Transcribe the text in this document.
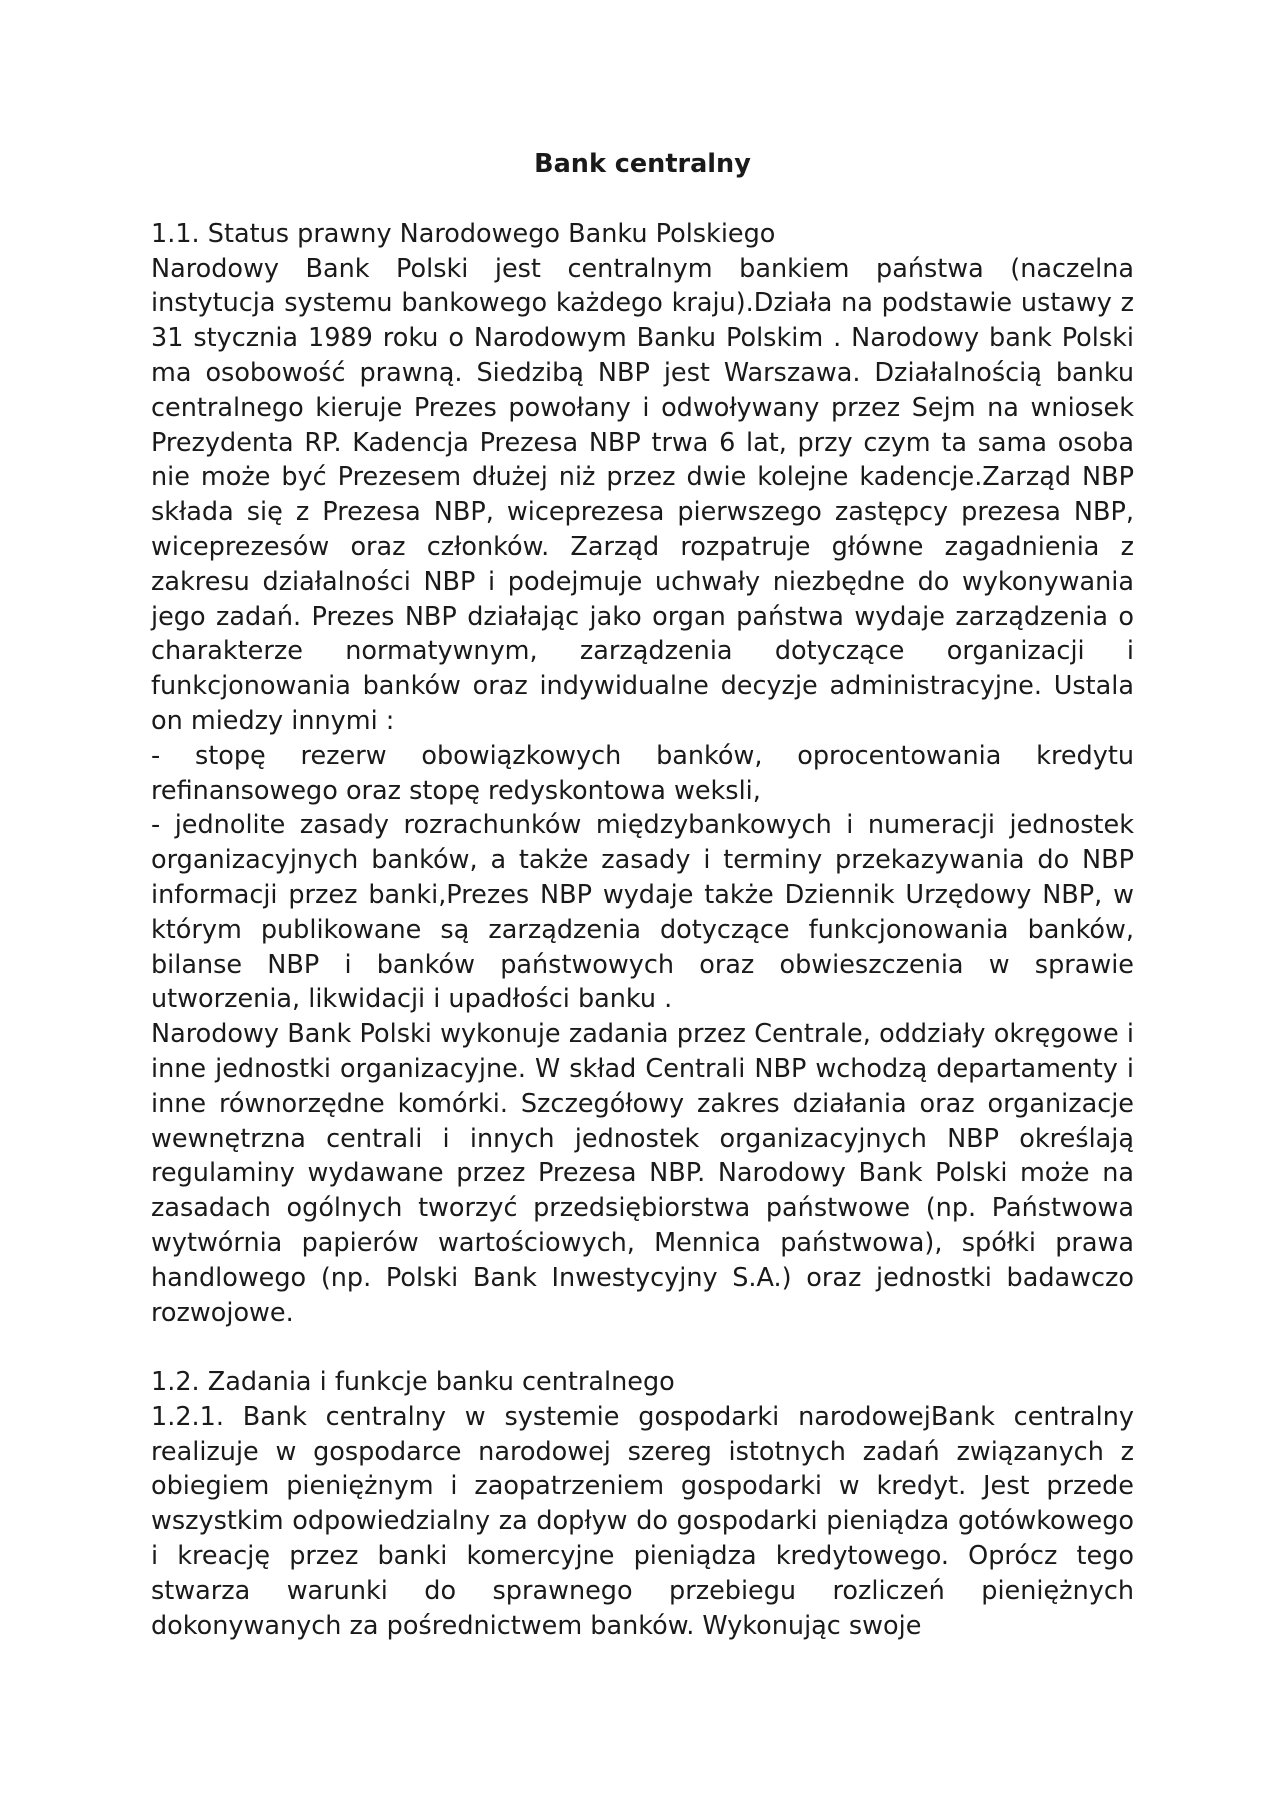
Bank centralny
1.1. Status prawny Narodowego Banku Polskiego

Narodowy Bank Polski jest centralnym bankiem państwa (naczelna instytucja systemu bankowego każdego kraju).Działa na podstawie ustawy z 31 stycznia 1989 roku o Narodowym Banku Polskim . Narodowy bank Polski ma osobowość prawną. Siedzibą NBP jest Warszawa. Działalnością banku centralnego kieruje Prezes powołany i odwoływany przez Sejm na wniosek Prezydenta RP. Kadencja Prezesa NBP trwa 6 lat, przy czym ta sama osoba nie może być Prezesem dłużej niż przez dwie kolejne kadencje.Zarząd NBP składa się z Prezesa NBP, wiceprezesa pierwszego zastępcy prezesa NBP, wiceprezesów oraz członków. Zarząd rozpatruje główne zagadnienia z zakresu działalności NBP i podejmuje uchwały niezbędne do wykonywania jego zadań. Prezes NBP działając jako organ państwa wydaje zarządzenia o charakterze normatywnym, zarządzenia dotyczące organizacji i funkcjonowania banków oraz indywidualne decyzje administracyjne. Ustala on miedzy innymi :

- stopę rezerw obowiązkowych banków, oprocentowania kredytu refinansowego oraz stopę redyskontowa weksli,

- jednolite zasady rozrachunków międzybankowych i numeracji jednostek organizacyjnych banków, a także zasady i terminy przekazywania do NBP informacji przez banki,Prezes NBP wydaje także Dziennik Urzędowy NBP, w którym publikowane są zarządzenia dotyczące funkcjonowania banków, bilanse NBP i banków państwowych oraz obwieszczenia w sprawie utworzenia, likwidacji i upadłości banku .

Narodowy Bank Polski wykonuje zadania przez Centrale, oddziały okręgowe i inne jednostki organizacyjne. W skład Centrali NBP wchodzą departamenty i inne równorzędne komórki. Szczegółowy zakres działania oraz organizacje wewnętrzna centrali i innych jednostek organizacyjnych NBP określają regulaminy wydawane przez Prezesa NBP. Narodowy Bank Polski może na zasadach ogólnych tworzyć przedsiębiorstwa państwowe (np. Państwowa wytwórnia papierów wartościowych, Mennica państwowa), spółki prawa handlowego (np. Polski Bank Inwestycyjny S.A.) oraz jednostki badawczo rozwojowe.

1.2. Zadania i funkcje banku centralnego

1.2.1. Bank centralny w systemie gospodarki narodowejBank centralny realizuje w gospodarce narodowej szereg istotnych zadań związanych z obiegiem pieniężnym i zaopatrzeniem gospodarki w kredyt. Jest przede wszystkim odpowiedzialny za dopływ do gospodarki pieniądza gotówkowego i kreację przez banki komercyjne pieniądza kredytowego. Oprócz tego stwarza warunki do sprawnego przebiegu rozliczeń pieniężnych dokonywanych za pośrednictwem banków. Wykonując swoje
